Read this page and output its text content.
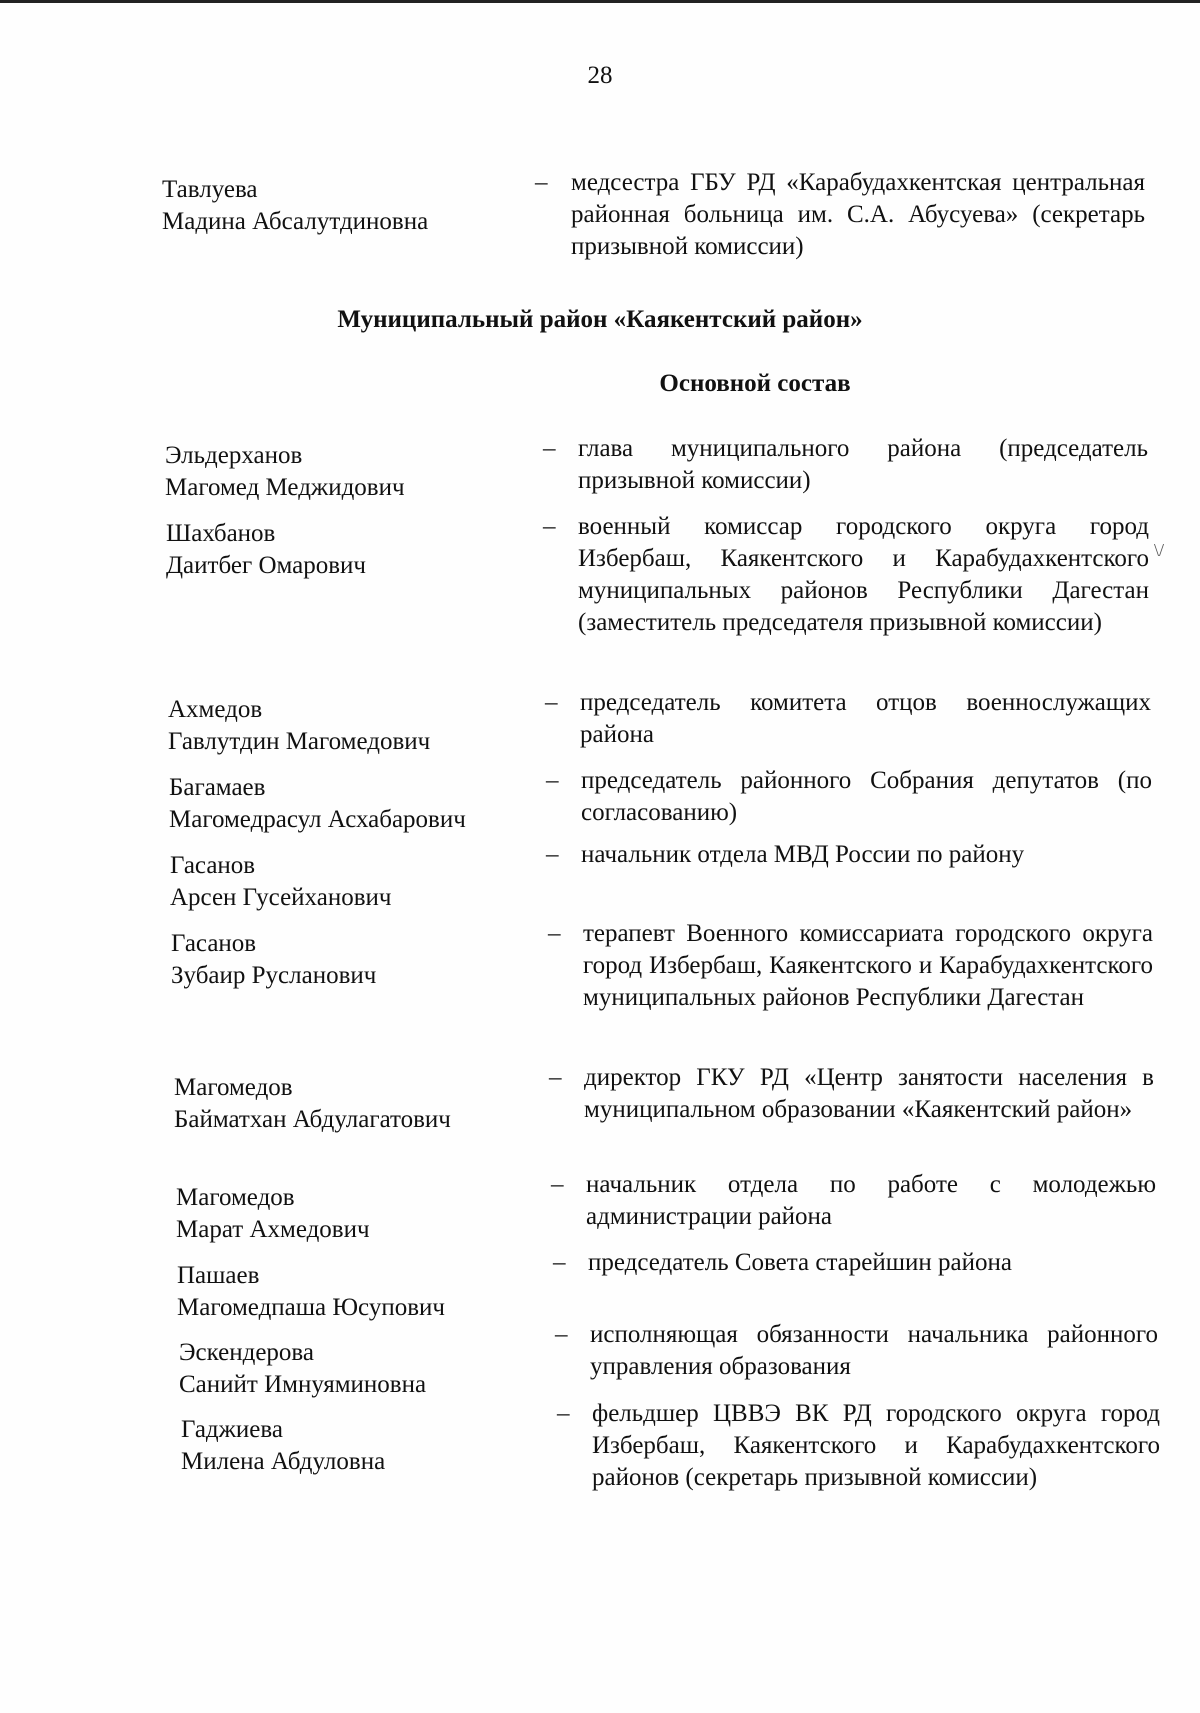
28
Тавлуева
Мадина Абсалутдиновна
– медсестра ГБУ РД «Карабудахкентская центральная районная больница им. С.А. Абусуева» (секретарь призывной комиссии)
Муниципальный район «Каякентский район»
Основной состав
Эльдерханов
Магомед Меджидович
– глава муниципального района (председатель призывной комиссии)
Шахбанов
Даитбег Омарович
– военный комиссар городского округа город Избербаш, Каякентского и Карабудахкентского муниципальных районов Республики Дагестан (заместитель председателя призывной комиссии)
Ахмедов
Гавлутдин Магомедович
– председатель комитета отцов военнослужащих района
Багамаев
Магомедрасул Асхабарович
– председатель районного Собрания депутатов (по согласованию)
Гасанов
Арсен Гусейханович
– начальник отдела МВД России по району
Гасанов
Зубаир Русланович
– терапевт Военного комиссариата городского округа город Избербаш, Каякентского и Карабудахкентского муниципальных районов Республики Дагестан
Магомедов
Байматхан Абдулагатович
– директор ГКУ РД «Центр занятости населения в муниципальном образовании «Каякентский район»
Магомедов
Марат Ахмедович
– начальник отдела по работе с молодежью администрации района
Пашаев
Магомедпаша Юсупович
– председатель Совета старейшин района
Эскендерова
Санийт Имнуяминовна
– исполняющая обязанности начальника районного управления образования
Гаджиева
Милена Абдуловна
– фельдшер ЦВВЭ ВК РД городского округа город Избербаш, Каякентского и Карабудахкентского районов (секретарь призывной комиссии)
\/
